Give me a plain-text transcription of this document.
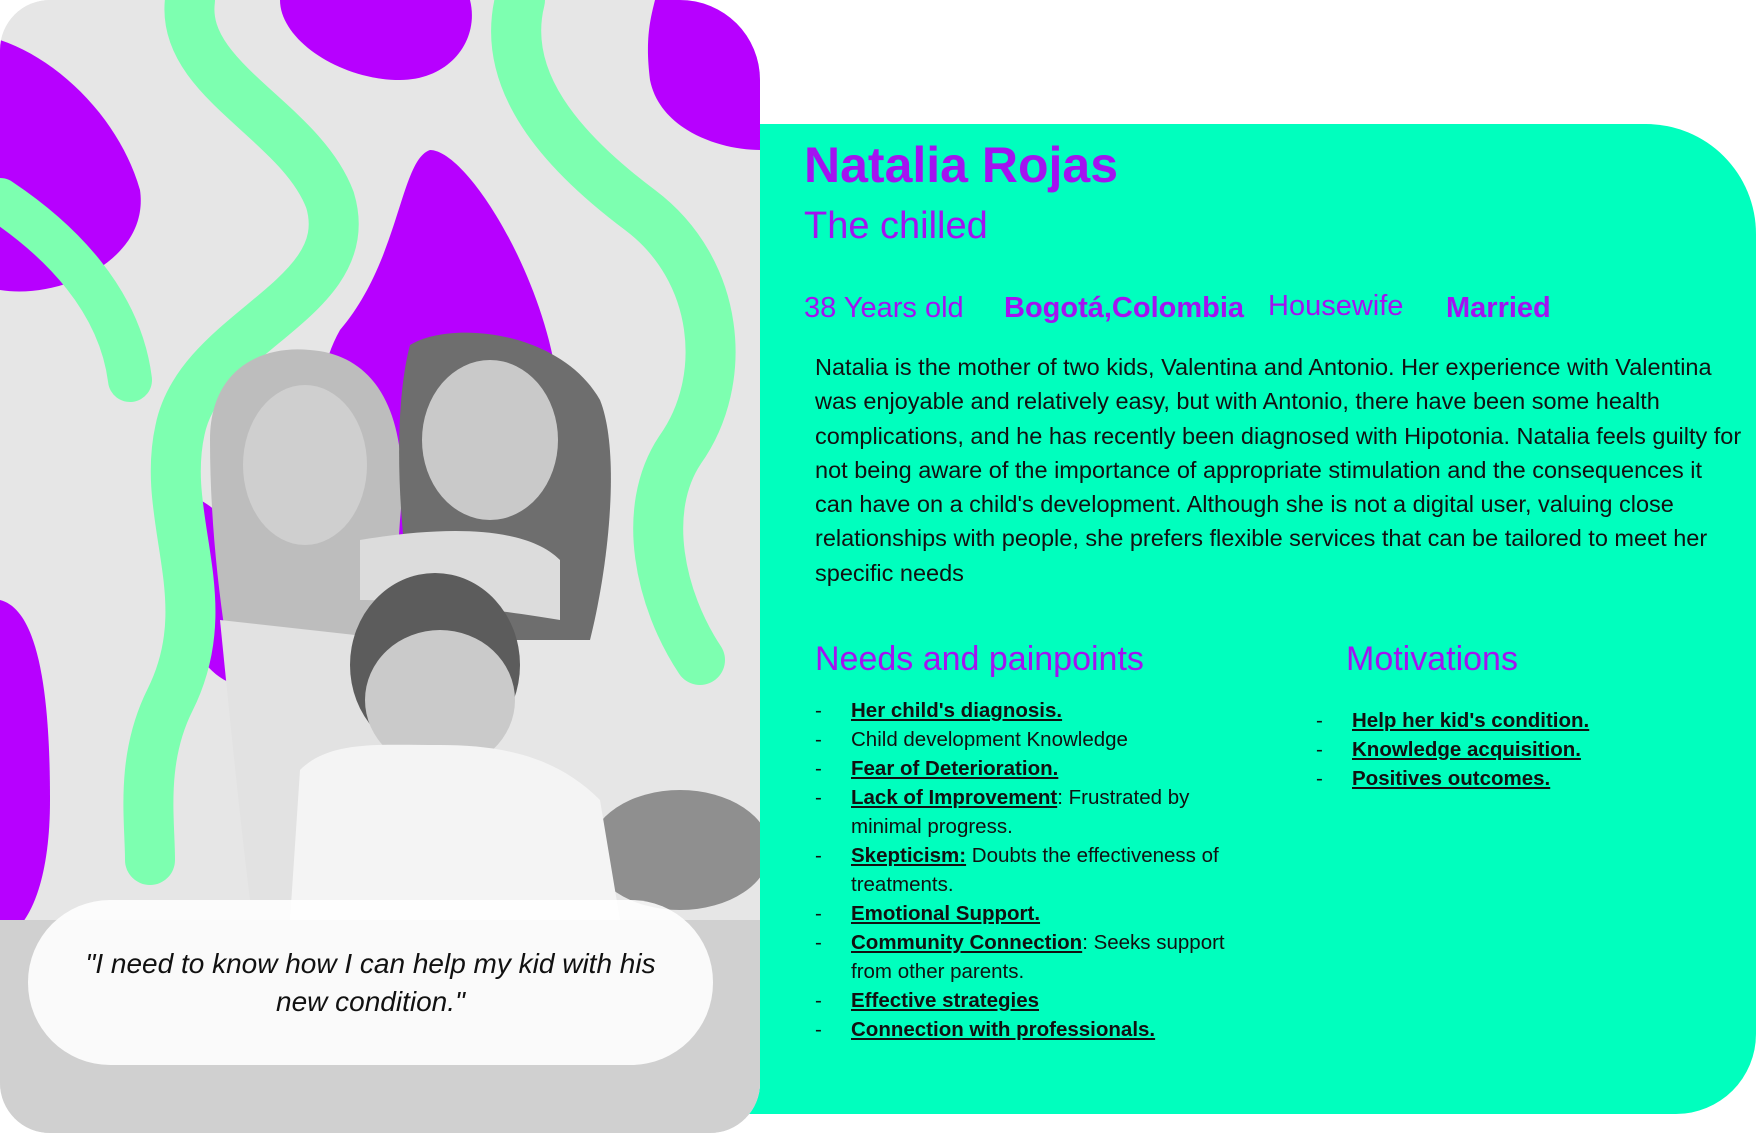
"I need to know how I can help my kid with his new condition."
Natalia Rojas
The chilled
38 Years old Bogotá,Colombia Housewife Married
Natalia is the mother of two kids, Valentina and Antonio. Her experience with Valentina was enjoyable and relatively easy, but with Antonio, there have been some health complications, and he has recently been diagnosed with Hipotonia. Natalia feels guilty for not being aware of the importance of appropriate stimulation and the consequences it can have on a child's development. Although she is not a digital user, valuing close relationships with people, she prefers flexible services that can be tailored to meet her specific needs
Needs and painpoints
- Her child's diagnosis.
- Child development Knowledge
- Fear of Deterioration.
- Lack of Improvement: Frustrated by minimal progress.
- Skepticism: Doubts the effectiveness of treatments.
- Emotional Support.
- Community Connection: Seeks support from other parents.
- Effective strategies
- Connection with professionals.
Motivations
- Help her kid's condition.
- Knowledge acquisition.
- Positives outcomes.
